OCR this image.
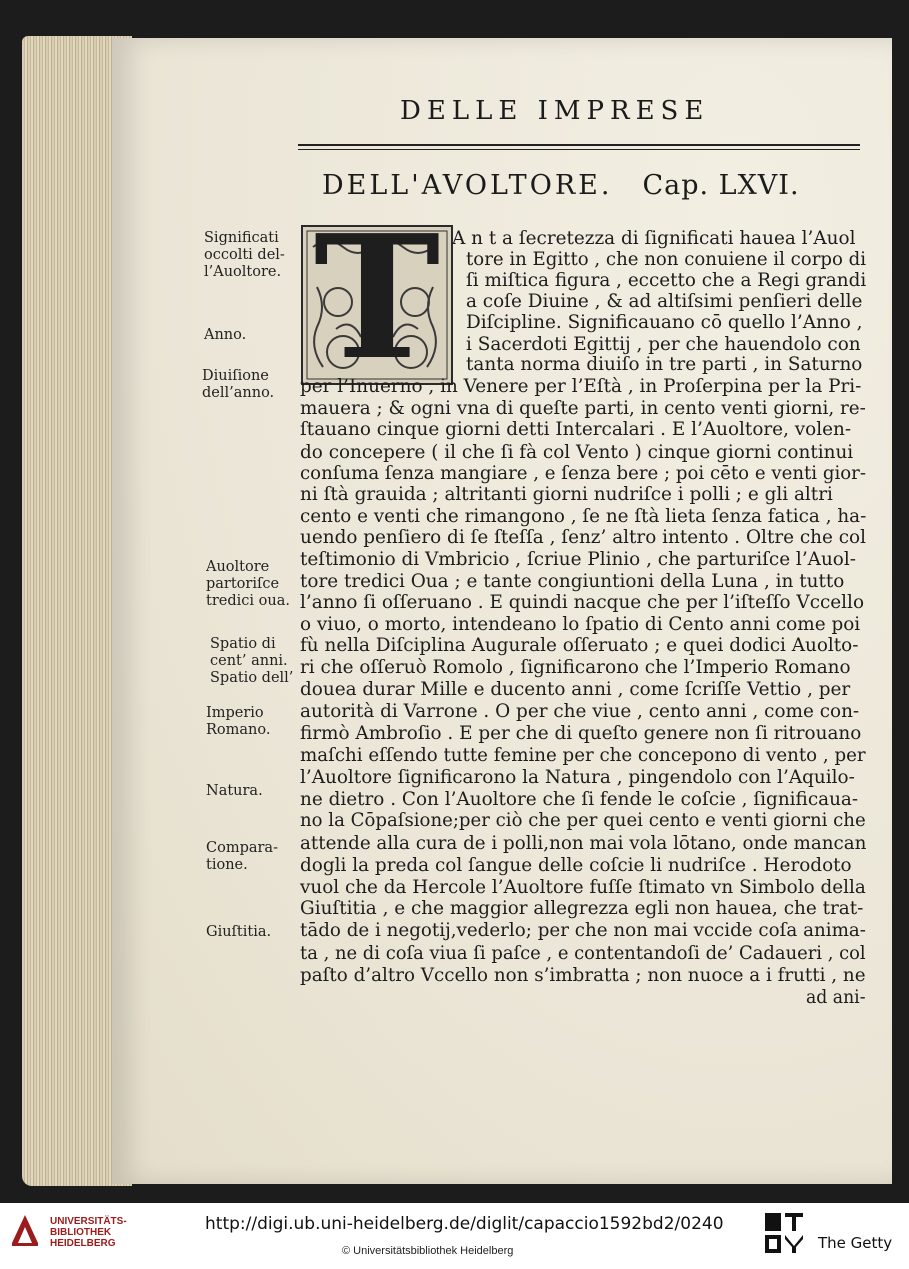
DELLE IMPRESE
DELL'AVOLTORE. Cap. LXVI.
T A n t a ſecretezza di ſignificati hauea l’Auol
tore in Egitto , che non conuiene il corpo di
ſi miſtica figura , eccetto che a Regi grandi
a coſe Diuine , & ad altiſsimi penſieri delle
Diſcipline. Significauano cō quello l’Anno ,
i Sacerdoti Egittij , per che hauendolo con
tanta norma diuiſo in tre parti , in Saturno
per l’Inuerno , in Venere per l’Eſtà , in Proſerpina per la Pri-
mauera ; & ogni vna di queſte parti, in cento venti giorni, re-
ſtauano cinque giorni detti Intercalari . E l’Auoltore, volen-
do concepere ( il che ſi fà col Vento ) cinque giorni continui
conſuma ſenza mangiare , e ſenza bere ; poi cēto e venti gior-
ni ſtà grauida ; altritanti giorni nudriſce i polli ; e gli altri
cento e venti che rimangono , ſe ne ſtà lieta ſenza fatica , ha-
uendo penſiero di ſe ſteſſa , ſenz’ altro intento . Oltre che col
teſtimonio di Vmbricio , ſcriue Plinio , che parturiſce l’Auol-
tore tredici Oua ; e tante congiuntioni della Luna , in tutto
l’anno ſi oſſeruano . E quindi nacque che per l’iſteſſo Vccello
o viuo, o morto, intendeano lo ſpatio di Cento anni come poi
fù nella Diſciplina Augurale oſſeruato ; e quei dodici Auolto-
ri che oſſeruò Romolo , ſignificarono che l’Imperio Romano
douea durar Mille e ducento anni , come ſcriſſe Vettio , per
autorità di Varrone . O per che viue , cento anni , come con-
firmò Ambroſio . E per che di queſto genere non ſi ritrouano
maſchi eſſendo tutte femine per che concepono di vento , per
l’Auoltore ſignificarono la Natura , pingendolo con l’Aquilo-
ne dietro . Con l’Auoltore che ſi fende le coſcie , ſignificaua-
no la Cōpaſsione;per ciò che per quei cento e venti giorni che
attende alla cura de i polli,non mai vola lōtano, onde mancan
dogli la preda col ſangue delle coſcie li nudriſce . Herodoto
vuol che da Hercole l’Auoltore fuſſe ſtimato vn Simbolo della
Giuſtitia , e che maggior allegrezza egli non hauea, che trat-
tādo de i negotij,vederlo; per che non mai vccide coſa anima-
ta , ne di coſa viua ſi paſce , e contentandoſi de’ Cadaueri , col
paſto d’altro Vccello non s’imbratta ; non nuoce a i frutti , ne
ad ani-
Significati
occolti del-
l’Auoltore.
Anno.
Diuiſione
dell’anno.
Auoltore
partoriſce
tredici oua.
Spatio di
cent’ anni.
Spatio dell’
Imperio
Romano.
Natura.
Compara-
tione.
Giuſtitia.
UNIVERSITÄTS-
BIBLIOTHEK
HEIDELBERG
http://digi.ub.uni-heidelberg.de/diglit/capaccio1592bd2/0240
© Universitätsbibliothek Heidelberg	The Getty
